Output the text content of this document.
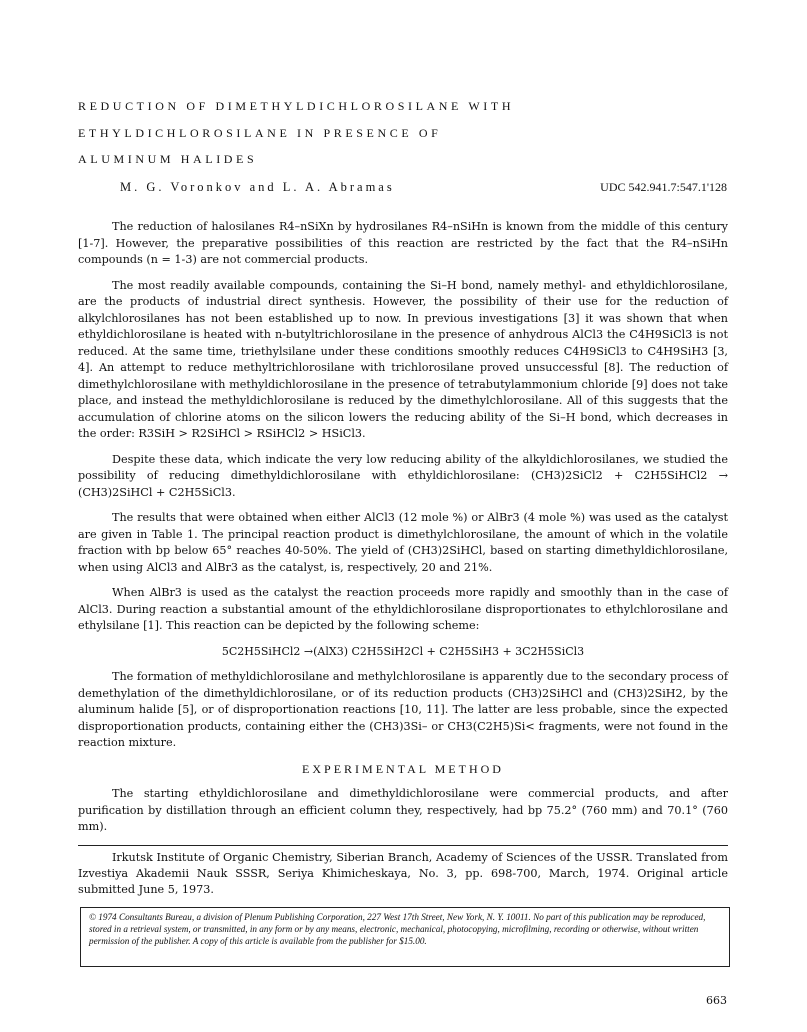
REDUCTION OF DIMETHYLDICHLOROSILANE WITH
ETHYLDICHLOROSILANE IN PRESENCE OF
ALUMINUM HALIDES
M. G. Voronkov and L. A. Abramas	UDC 542.941.7:547.1'128

The reduction of halosilanes R4–nSiXn by hydrosilanes R4–nSiHn is known from the middle of this century [1-7]. However, the preparative possibilities of this reaction are restricted by the fact that the R4–nSiHn compounds (n = 1-3) are not commercial products.

The most readily available compounds, containing the Si–H bond, namely methyl- and ethyldichlorosilane, are the products of industrial direct synthesis. However, the possibility of their use for the reduction of alkylchlorosilanes has not been established up to now. In previous investigations [3] it was shown that when ethyldichlorosilane is heated with n-butyltrichlorosilane in the presence of anhydrous AlCl3 the C4H9SiCl3 is not reduced. At the same time, triethylsilane under these conditions smoothly reduces C4H9SiCl3 to C4H9SiH3 [3, 4]. An attempt to reduce methyltrichlorosilane with trichlorosilane proved unsuccessful [8]. The reduction of dimethylchlorosilane with methyldichlorosilane in the presence of tetrabutylammonium chloride [9] does not take place, and instead the methyldichlorosilane is reduced by the dimethylchlorosilane. All of this suggests that the accumulation of chlorine atoms on the silicon lowers the reducing ability of the Si–H bond, which decreases in the order: R3SiH > R2SiHCl > RSiHCl2 > HSiCl3.

Despite these data, which indicate the very low reducing ability of the alkyldichlorosilanes, we studied the possibility of reducing dimethyldichlorosilane with ethyldichlorosilane: (CH3)2SiCl2 + C2H5SiHCl2 → (CH3)2SiHCl + C2H5SiCl3.

The results that were obtained when either AlCl3 (12 mole %) or AlBr3 (4 mole %) was used as the catalyst are given in Table 1. The principal reaction product is dimethylchlorosilane, the amount of which in the volatile fraction with bp below 65° reaches 40-50%. The yield of (CH3)2SiHCl, based on starting dimethyldichlorosilane, when using AlCl3 and AlBr3 as the catalyst, is, respectively, 20 and 21%.

When AlBr3 is used as the catalyst the reaction proceeds more rapidly and smoothly than in the case of AlCl3. During reaction a substantial amount of the ethyldichlorosilane disproportionates to ethylchlorosilane and ethylsilane [1]. This reaction can be depicted by the following scheme:

5C2H5SiHCl2 →(AlX3) C2H5SiH2Cl + C2H5SiH3 + 3C2H5SiCl3

The formation of methyldichlorosilane and methylchlorosilane is apparently due to the secondary process of demethylation of the dimethyldichlorosilane, or of its reduction products (CH3)2SiHCl and (CH3)2SiH2, by the aluminum halide [5], or of disproportionation reactions [10, 11]. The latter are less probable, since the expected disproportionation products, containing either the (CH3)3Si– or CH3(C2H5)Si< fragments, were not found in the reaction mixture.

EXPERIMENTAL METHOD

The starting ethyldichlorosilane and dimethyldichlorosilane were commercial products, and after purification by distillation through an efficient column they, respectively, had bp 75.2° (760 mm) and 70.1° (760 mm).

Irkutsk Institute of Organic Chemistry, Siberian Branch, Academy of Sciences of the USSR. Translated from Izvestiya Akademii Nauk SSSR, Seriya Khimicheskaya, No. 3, pp. 698-700, March, 1974. Original article submitted June 5, 1973.

© 1974 Consultants Bureau, a division of Plenum Publishing Corporation, 227 West 17th Street, New York, N. Y. 10011. No part of this publication may be reproduced, stored in a retrieval system, or transmitted, in any form or by any means, electronic, mechanical, photocopying, microfilming, recording or otherwise, without written permission of the publisher. A copy of this article is available from the publisher for $15.00.
663
